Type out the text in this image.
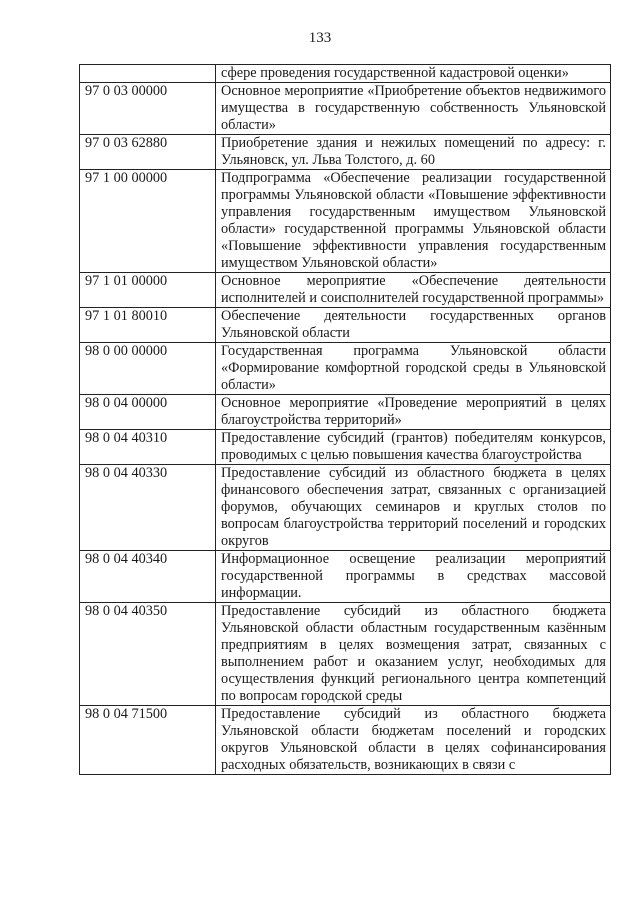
133
	сфере проведения государственной кадастровой оценки»
97 0 03 00000	Основное мероприятие «Приобретение объектов недвижимого имущества в государственную собственность Ульяновской области»
97 0 03 62880	Приобретение здания и нежилых помещений по адресу: г. Ульяновск, ул. Льва Толстого, д. 60
97 1 00 00000	Подпрограмма «Обеспечение реализации государственной программы Ульяновской области «Повышение эффективности управления государственным имуществом Ульяновской области» государственной программы Ульяновской области «Повышение эффективности управления государственным имуществом Ульяновской области»
97 1 01 00000	Основное мероприятие «Обеспечение деятельности исполнителей и соисполнителей государственной программы»
97 1 01 80010	Обеспечение деятельности государственных органов Ульяновской области
98 0 00 00000	Государственная программа Ульяновской области «Формирование комфортной городской среды в Ульяновской области»
98 0 04 00000	Основное мероприятие «Проведение мероприятий в целях благоустройства территорий»
98 0 04 40310	Предоставление субсидий (грантов) победителям конкурсов, проводимых с целью повышения качества благоустройства
98 0 04 40330	Предоставление субсидий из областного бюджета в целях финансового обеспечения затрат, связанных с организацией форумов, обучающих семинаров и круглых столов по вопросам благоустройства территорий поселений и городских округов
98 0 04 40340	Информационное освещение реализации мероприятий государственной программы в средствах массовой информации.
98 0 04 40350	Предоставление субсидий из областного бюджета Ульяновской области областным государственным казённым предприятиям в целях возмещения затрат, связанных с выполнением работ и оказанием услуг, необходимых для осуществления функций регионального центра компетенций по вопросам городской среды
98 0 04 71500	Предоставление субсидий из областного бюджета Ульяновской области бюджетам поселений и городских округов Ульяновской области в целях софинансирования расходных обязательств, возникающих в связи с
